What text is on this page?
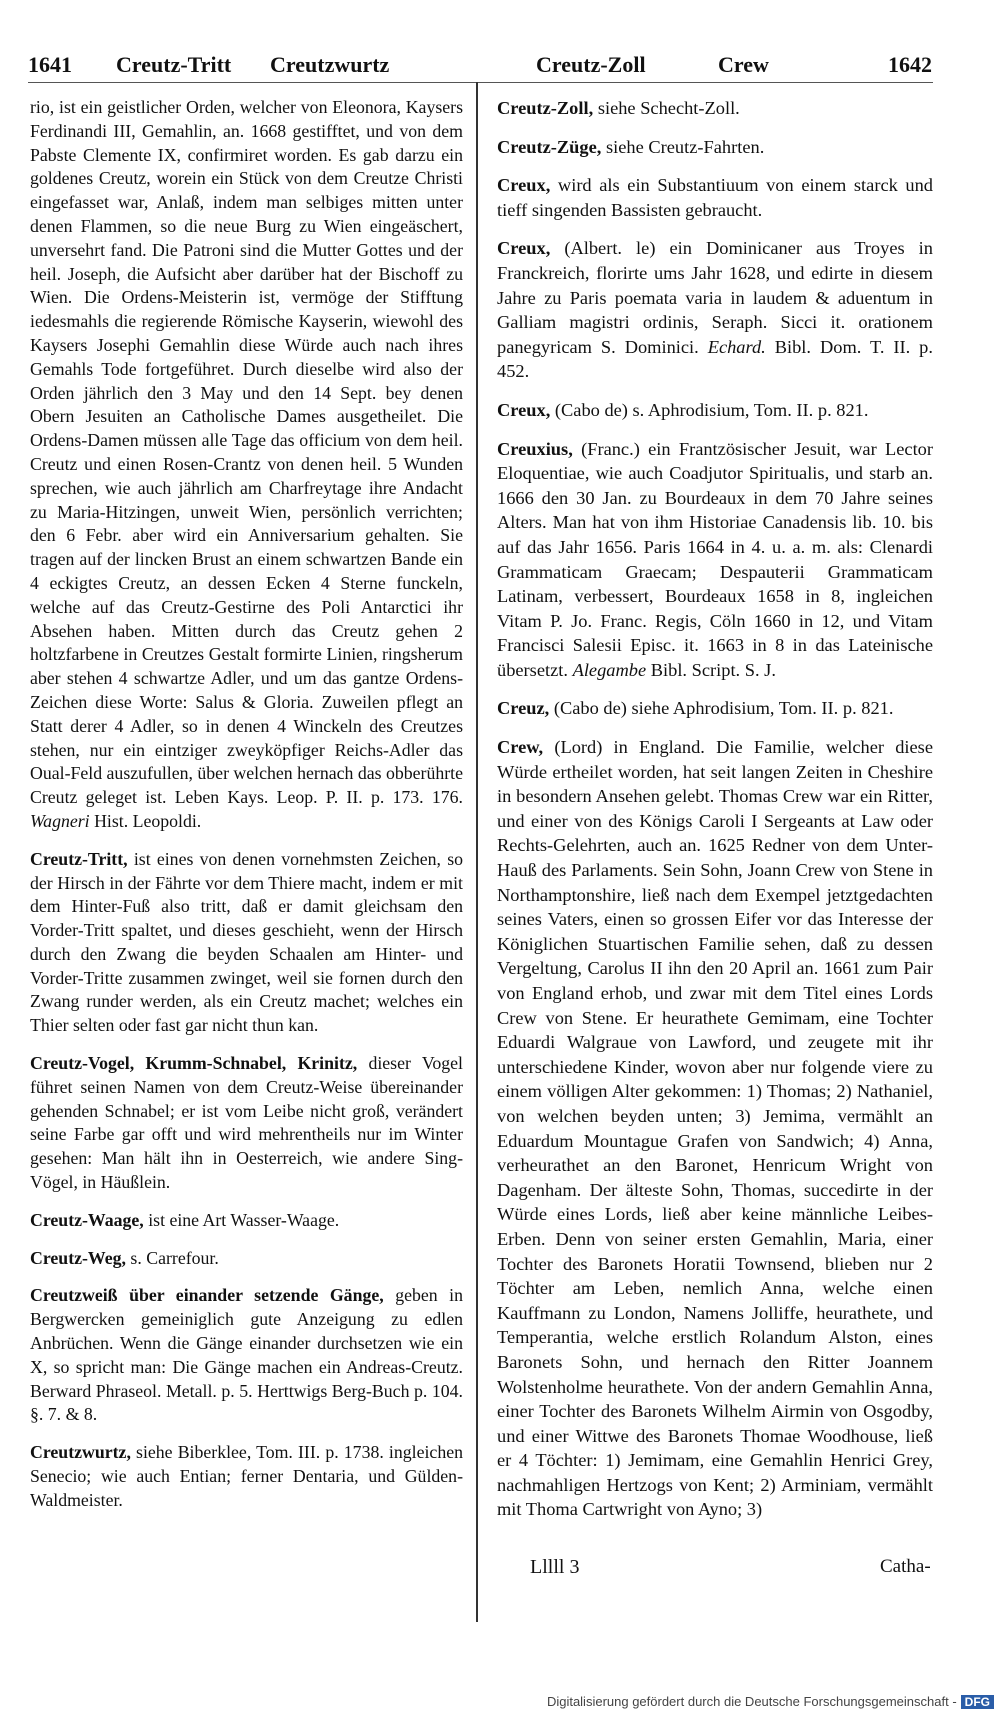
1641 Creutz-Tritt Creutzwurtz	Creutz-Zoll	Crew	1642

rio, ist ein geistlicher Orden, welcher von Eleonora, Kaysers Ferdinandi III, Gemahlin, an. 1668 gestifftet, und von dem Pabste Clemente IX, confirmiret worden. Es gab darzu ein goldenes Creutz, worein ein Stück von dem Creutze Christi eingefasset war, Anlaß, indem man selbiges mitten unter denen Flammen, so die neue Burg zu Wien eingeäschert, unversehrt fand. Die Patroni sind die Mutter Gottes und der heil. Joseph, die Aufsicht aber darüber hat der Bischoff zu Wien. Die Ordens-Meisterin ist, vermöge der Stifftung iedesmahls die regierende Römische Kayserin, wiewohl des Kaysers Josephi Gemahlin diese Würde auch nach ihres Gemahls Tode fortgeführet. Durch dieselbe wird also der Orden jährlich den 3 May und den 14 Sept. bey denen Obern Jesuiten an Catholische Dames ausgetheilet. Die Ordens-Damen müssen alle Tage das officium von dem heil. Creutz und einen Rosen-Crantz von denen heil. 5 Wunden sprechen, wie auch jährlich am Charfreytage ihre Andacht zu Maria-Hitzingen, unweit Wien, persönlich verrichten; den 6 Febr. aber wird ein Anniversarium gehalten. Sie tragen auf der lincken Brust an einem schwartzen Bande ein 4 eckigtes Creutz, an dessen Ecken 4 Sterne funckeln, welche auf das Creutz-Gestirne des Poli Antarctici ihr Absehen haben. Mitten durch das Creutz gehen 2 holtzfarbene in Creutzes Gestalt formirte Linien, ringsherum aber stehen 4 schwartze Adler, und um das gantze Ordens-Zeichen diese Worte: Salus & Gloria. Zuweilen pflegt an Statt derer 4 Adler, so in denen 4 Winckeln des Creutzes stehen, nur ein eintziger zweyköpfiger Reichs-Adler das Oual-Feld auszufullen, über welchen hernach das obberührte Creutz geleget ist. Leben Kays. Leop. P. II. p. 173. 176. Wagneri Hist. Leopoldi.

Creutz-Tritt, ist eines von denen vornehmsten Zeichen, so der Hirsch in der Fährte vor dem Thiere macht, indem er mit dem Hinter-Fuß also tritt, daß er damit gleichsam den Vorder-Tritt spaltet, und dieses geschieht, wenn der Hirsch durch den Zwang die beyden Schaalen am Hinter- und Vorder-Tritte zusammen zwinget, weil sie fornen durch den Zwang runder werden, als ein Creutz machet; welches ein Thier selten oder fast gar nicht thun kan.

Creutz-Vogel, Krumm-Schnabel, Krinitz, dieser Vogel führet seinen Namen von dem Creutz-Weise übereinander gehenden Schnabel; er ist vom Leibe nicht groß, verändert seine Farbe gar offt und wird mehrentheils nur im Winter gesehen: Man hält ihn in Oesterreich, wie andere Sing-Vögel, in Häußlein.

Creutz-Waage, ist eine Art Wasser-Waage.

Creutz-Weg, s. Carrefour.

Creutzweiß über einander setzende Gänge, geben in Bergwercken gemeiniglich gute Anzeigung zu edlen Anbrüchen. Wenn die Gänge einander durchsetzen wie ein X, so spricht man: Die Gänge machen ein Andreas-Creutz. Berward Phraseol. Metall. p. 5. Herttwigs Berg-Buch p. 104. §. 7. & 8.

Creutzwurtz, siehe Biberklee, Tom. III. p. 1738. ingleichen Senecio; wie auch Entian; ferner Dentaria, und Gülden-Waldmeister.

Creutz-Zoll, siehe Schecht-Zoll.

Creutz-Züge, siehe Creutz-Fahrten.

Creux, wird als ein Substantiuum von einem starck und tieff singenden Bassisten gebraucht.

Creux, (Albert. le) ein Dominicaner aus Troyes in Franckreich, florirte ums Jahr 1628, und edirte in diesem Jahre zu Paris poemata varia in laudem & aduentum in Galliam magistri ordinis, Seraph. Sicci it. orationem panegyricam S. Dominici. Echard. Bibl. Dom. T. II. p. 452.

Creux, (Cabo de) s. Aphrodisium, Tom. II. p. 821.

Creuxius, (Franc.) ein Frantzösischer Jesuit, war Lector Eloquentiae, wie auch Coadjutor Spiritualis, und starb an. 1666 den 30 Jan. zu Bourdeaux in dem 70 Jahre seines Alters. Man hat von ihm Historiae Canadensis lib. 10. bis auf das Jahr 1656. Paris 1664 in 4. u. a. m. als: Clenardi Grammaticam Graecam; Despauterii Grammaticam Latinam, verbessert, Bourdeaux 1658 in 8, ingleichen Vitam P. Jo. Franc. Regis, Cöln 1660 in 12, und Vitam Francisci Salesii Episc. it. 1663 in 8 in das Lateinische übersetzt. Alegambe Bibl. Script. S. J.

Creuz, (Cabo de) siehe Aphrodisium, Tom. II. p. 821.

Crew, (Lord) in England. Die Familie, welcher diese Würde ertheilet worden, hat seit langen Zeiten in Cheshire in besondern Ansehen gelebt. Thomas Crew war ein Ritter, und einer von des Königs Caroli I Sergeants at Law oder Rechts-Gelehrten, auch an. 1625 Redner von dem Unter-Hauß des Parlaments. Sein Sohn, Joann Crew von Stene in Northamptonshire, ließ nach dem Exempel jetztgedachten seines Vaters, einen so grossen Eifer vor das Interesse der Königlichen Stuartischen Familie sehen, daß zu dessen Vergeltung, Carolus II ihn den 20 April an. 1661 zum Pair von England erhob, und zwar mit dem Titel eines Lords Crew von Stene. Er heurathete Gemimam, eine Tochter Eduardi Walgraue von Lawford, und zeugete mit ihr unterschiedene Kinder, wovon aber nur folgende viere zu einem völligen Alter gekommen: 1) Thomas; 2) Nathaniel, von welchen beyden unten; 3) Jemima, vermählt an Eduardum Mountague Grafen von Sandwich; 4) Anna, verheurathet an den Baronet, Henricum Wright von Dagenham. Der älteste Sohn, Thomas, succedirte in der Würde eines Lords, ließ aber keine männliche Leibes-Erben. Denn von seiner ersten Gemahlin, Maria, einer Tochter des Baronets Horatii Townsend, blieben nur 2 Töchter am Leben, nemlich Anna, welche einen Kauffmann zu London, Namens Jolliffe, heurathete, und Temperantia, welche erstlich Rolandum Alston, eines Baronets Sohn, und hernach den Ritter Joannem Wolstenholme heurathete. Von der andern Gemahlin Anna, einer Tochter des Baronets Wilhelm Airmin von Osgodby, und einer Wittwe des Baronets Thomae Woodhouse, ließ er 4 Töchter: 1) Jemimam, eine Gemahlin Henrici Grey, nachmahligen Hertzogs von Kent; 2) Arminiam, vermählt mit Thoma Cartwright von Ayno; 3)

Lllll 3	Catha-
Digitalisierung gefördert durch die Deutsche Forschungsgemeinschaft - DFG
